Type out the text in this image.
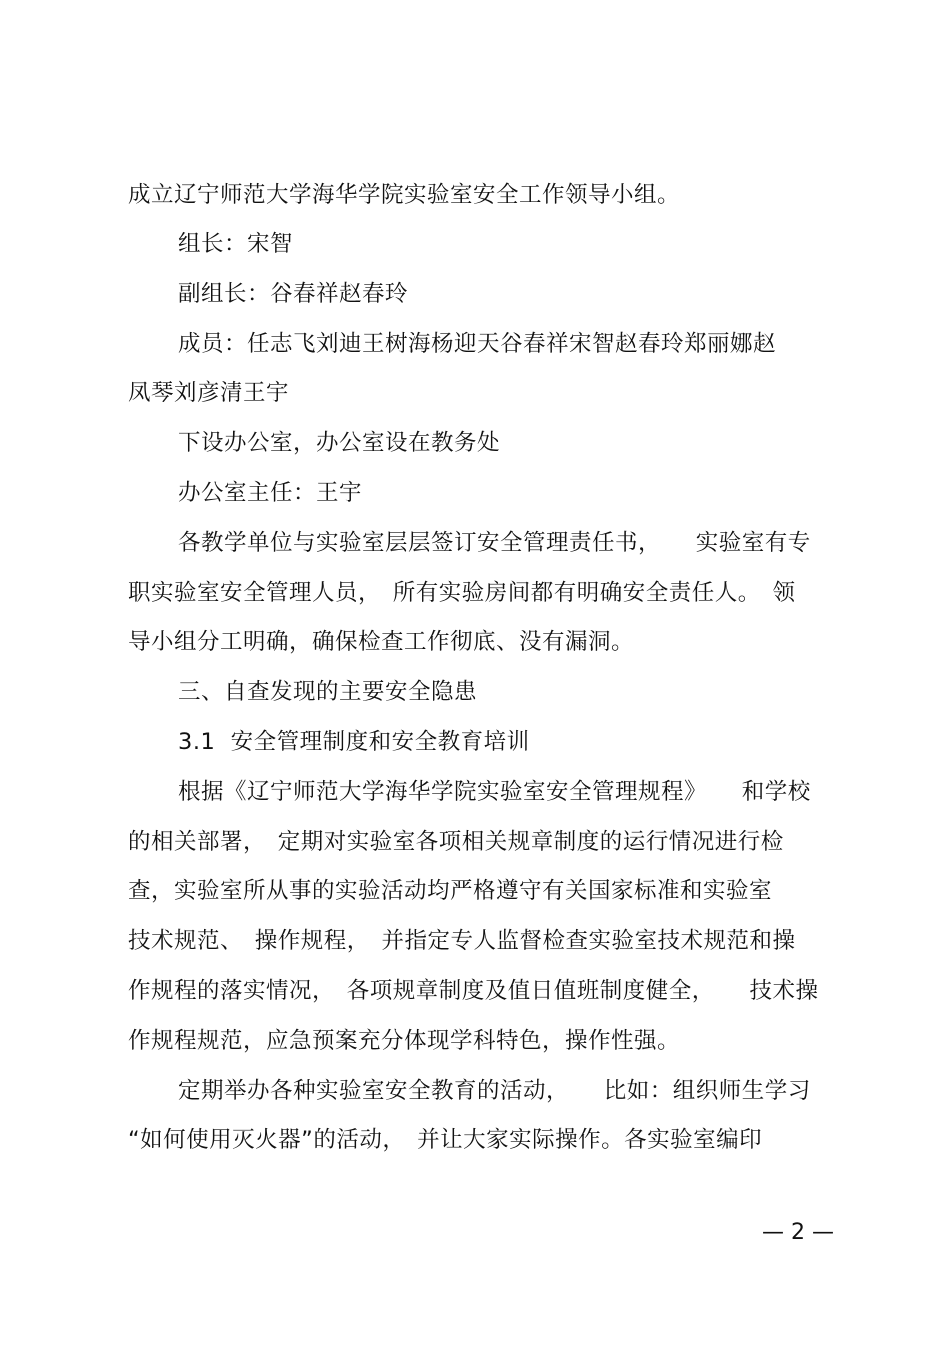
成立辽宁师范大学海华学院实验室安全工作领导小组。
组长：宋智
副组长：谷春祥赵春玲
成员：任志飞刘迪王树海杨迎天谷春祥宋智赵春玲郑丽娜赵
凤琴刘彦清王宇
下设办公室，办公室设在教务处
办公室主任：王宇
各教学单位与实验室层层签订安全管理责任书，　　实验室有专
职实验室安全管理人员，　所有实验房间都有明确安全责任人。　领
导小组分工明确，确保检查工作彻底、没有漏洞。
三、自查发现的主要安全隐患
3.1  安全管理制度和安全教育培训
根据《辽宁师范大学海华学院实验室安全管理规程》　　和学校
的相关部署，　定期对实验室各项相关规章制度的运行情况进行检
查，实验室所从事的实验活动均严格遵守有关国家标准和实验室
技术规范、　操作规程，　并指定专人监督检查实验室技术规范和操
作规程的落实情况，　各项规章制度及值日值班制度健全，　　技术操
作规程规范，应急预案充分体现学科特色，操作性强。
定期举办各种实验室安全教育的活动，　　比如：组织师生学习
“如何使用灭火器”的活动，　并让大家实际操作。各实验室编印
— 2 —
